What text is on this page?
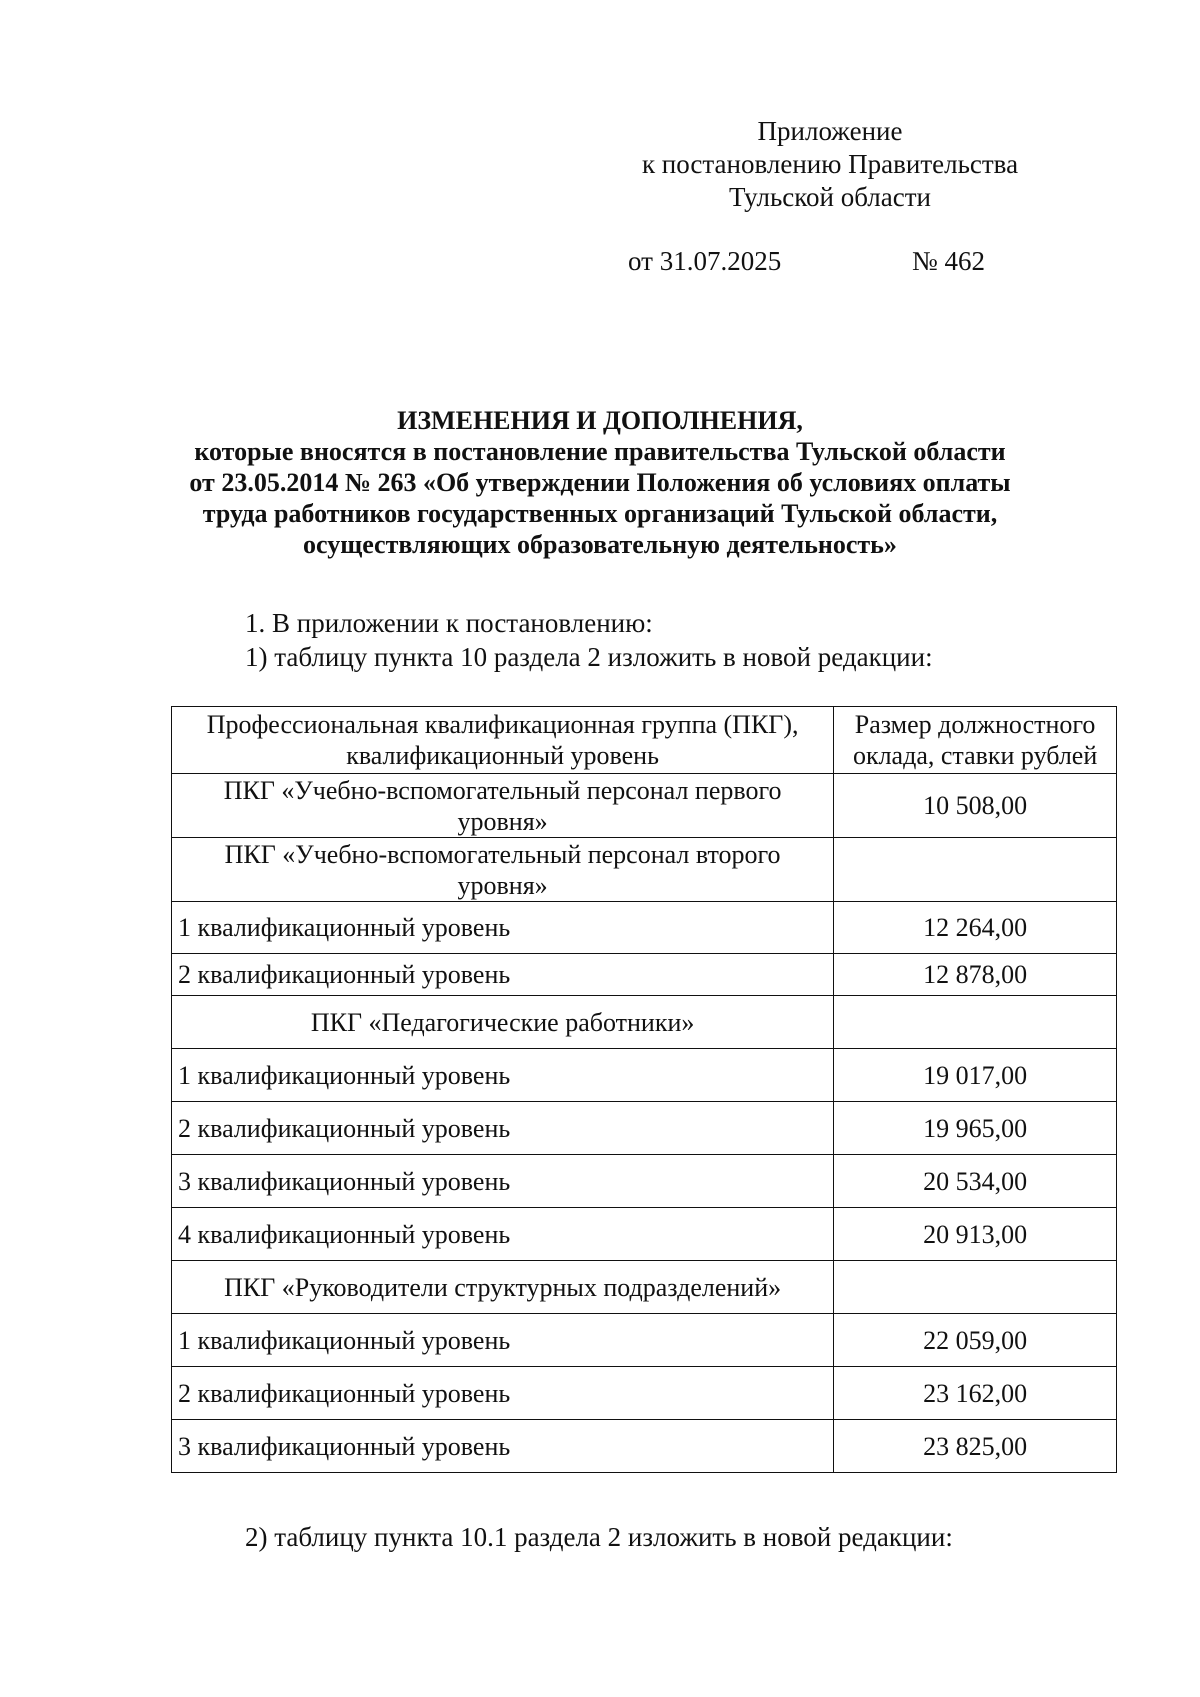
Приложение
к постановлению Правительства
Тульской области
от 31.07.2025	№ 462
ИЗМЕНЕНИЯ И ДОПОЛНЕНИЯ,
которые вносятся в постановление правительства Тульской области
от 23.05.2014 № 263 «Об утверждении Положения об условиях оплаты
труда работников государственных организаций Тульской области,
осуществляющих образовательную деятельность»
1. В приложении к постановлению:
1) таблицу пункта 10 раздела 2 изложить в новой редакции:
Профессиональная квалификационная группа (ПКГ), квалификационный уровень	Размер должностного оклада, ставки рублей
ПКГ «Учебно-вспомогательный персонал первого уровня»	10 508,00
ПКГ «Учебно-вспомогательный персонал второго уровня»	
1 квалификационный уровень	12 264,00
2 квалификационный уровень	12 878,00
ПКГ «Педагогические работники»	
1 квалификационный уровень	19 017,00
2 квалификационный уровень	19 965,00
3 квалификационный уровень	20 534,00
4 квалификационный уровень	20 913,00
ПКГ «Руководители структурных подразделений»	
1 квалификационный уровень	22 059,00
2 квалификационный уровень	23 162,00
3 квалификационный уровень	23 825,00
2) таблицу пункта 10.1 раздела 2 изложить в новой редакции:
